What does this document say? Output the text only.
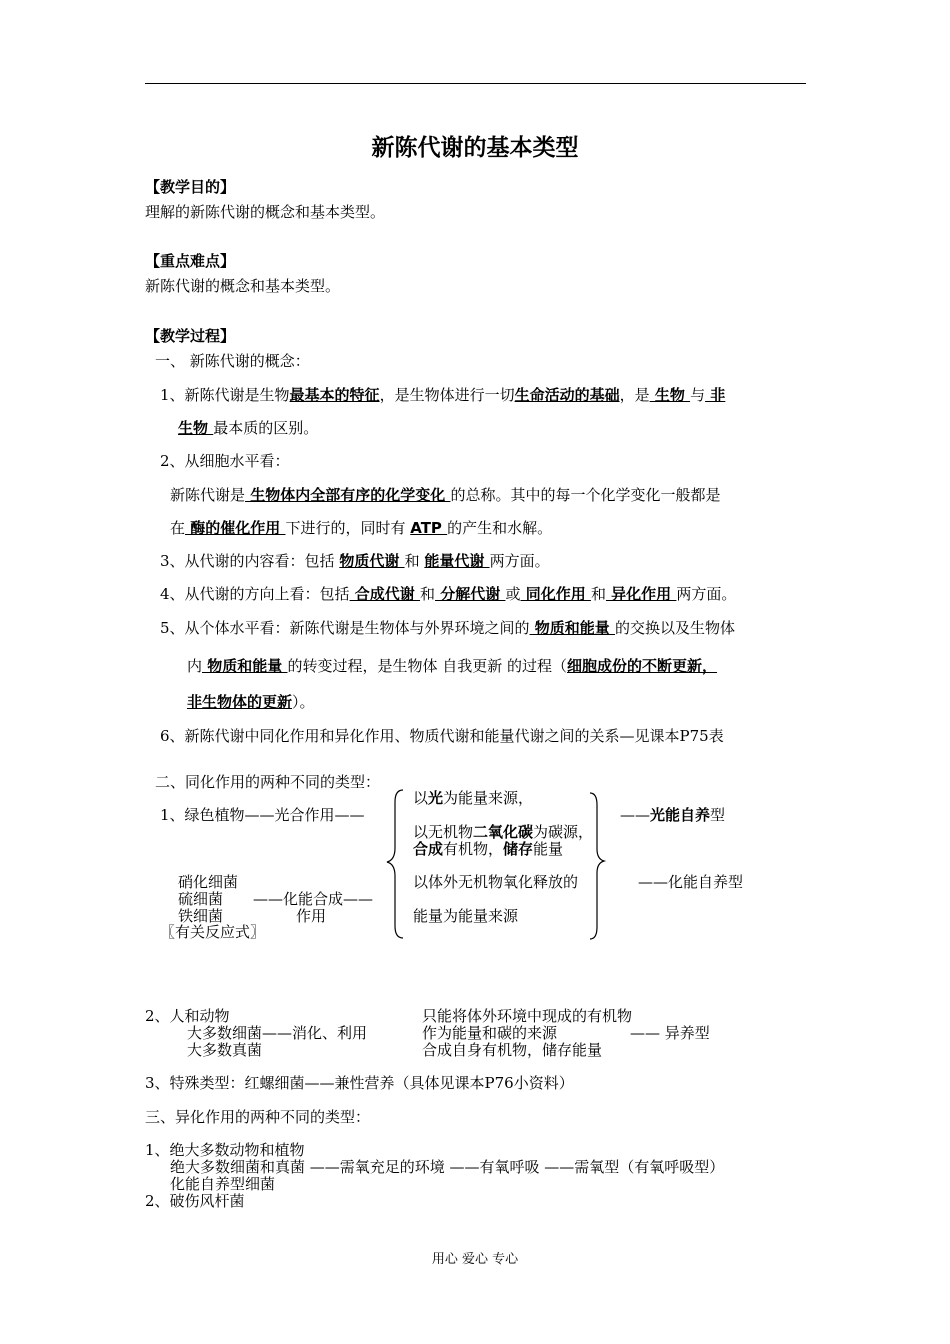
新陈代谢的基本类型
【教学目的】
理解的新陈代谢的概念和基本类型。
【重点难点】
新陈代谢的概念和基本类型。
【教学过程】
一、 新陈代谢的概念：
1、新陈代谢是生物最基本的特征，是生物体进行一切生命活动的基础，是 生物 与 非
生物 最本质的区别。
2、从细胞水平看：
新陈代谢是 生物体内全部有序的化学变化 的总称。其中的每一个化学变化一般都是
在 酶的催化作用 下进行的，同时有 ATP 的产生和水解。
3、从代谢的内容看：包括 物质代谢 和 能量代谢 两方面。
4、从代谢的方向上看：包括 合成代谢 和 分解代谢 或 同化作用 和 异化作用 两方面。
5、从个体水平看：新陈代谢是生物体与外界环境之间的 物质和能量 的交换以及生物体
内 物质和能量 的转变过程，是生物体 自我更新 的过程（细胞成份的不断更新，
非生物体的更新）。
6、新陈代谢中同化作用和异化作用、物质代谢和能量代谢之间的关系—见课本P75表
二、同化作用的两种不同的类型：
1、绿色植物——光合作用——
以光为能量来源，
以无机物二氧化碳为碳源，
合成有机物，储存能量
以体外无机物氧化释放的
能量为能量来源
——光能自养型
——化能自养型
硝化细菌
硫细菌
铁细菌
——化能合成——
作用
〖有关反应式〗
2、人和动物
大多数细菌——消化、利用
大多数真菌
只能将体外环境中现成的有机物
作为能量和碳的来源	—— 异养型
合成自身有机物，储存能量
3、特殊类型：红螺细菌——兼性营养（具体见课本P76小资料）
三、异化作用的两种不同的类型：
1、绝大多数动物和植物
绝大多数细菌和真菌 ——需氧充足的环境 ——有氧呼吸 ——需氧型（有氧呼吸型）
化能自养型细菌
2、破伤风杆菌
用心 爱心 专心
